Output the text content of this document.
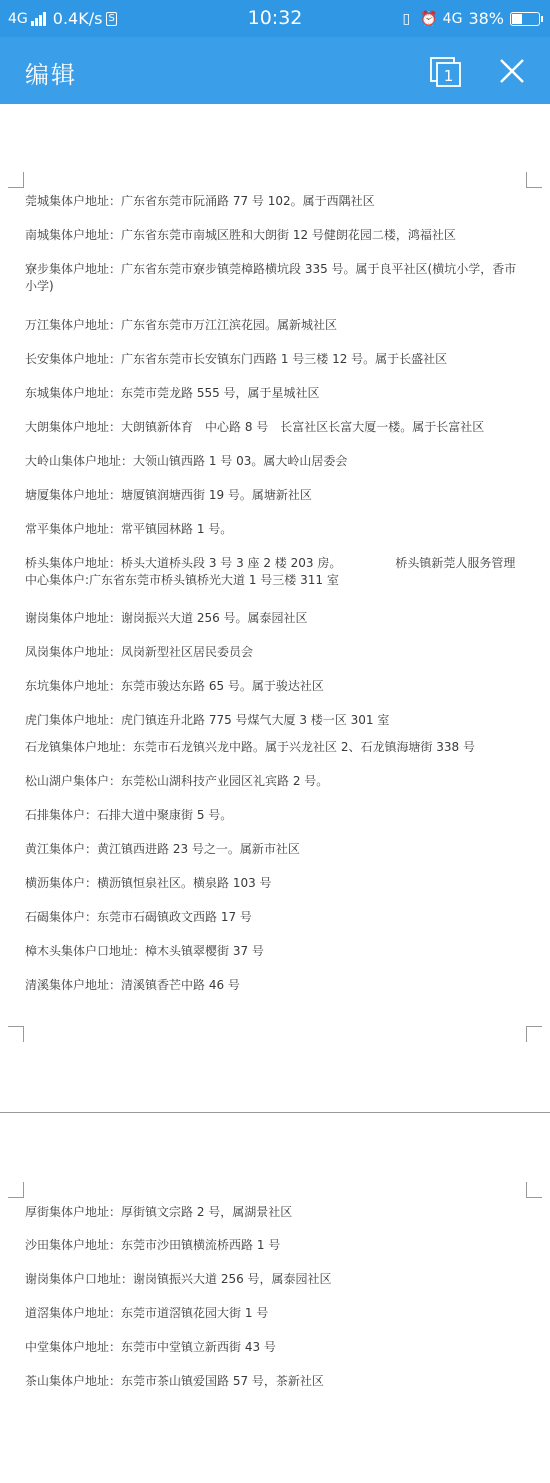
4G 0.4K/s S	10:32	▯ ⏰ 4G 38%
编辑	1
莞城集体户地址：广东省东莞市阮涌路 77 号 102。属于西隅社区
南城集体户地址：广东省东莞市南城区胜和大朗街 12 号健朗花园二楼，鸿福社区
寮步集体户地址：广东省东莞市寮步镇莞樟路横坑段 335 号。属于良平社区(横坑小学，香市小学)
万江集体户地址：广东省东莞市万江江滨花园。属新城社区
长安集体户地址：广东省东莞市长安镇东门西路 1 号三楼 12 号。属于长盛社区
东城集体户地址：东莞市莞龙路 555 号，属于星城社区
大朗集体户地址：大朗镇新体育　中心路 8 号　长富社区长富大厦一楼。属于长富社区
大岭山集体户地址：大领山镇西路 1 号 03。属大岭山居委会
塘厦集体户地址：塘厦镇润塘西街 19 号。属塘新社区
常平集体户地址：常平镇园林路 1 号。
桥头集体户地址：桥头大道桥头段 3 号 3 座 2 楼 203 房。　　　　　桥头镇新莞人服务管理中心集体户:广东省东莞市桥头镇桥光大道 1 号三楼 311 室
谢岗集体户地址：谢岗振兴大道 256 号。属泰园社区
凤岗集体户地址：凤岗新型社区居民委员会
东坑集体户地址：东莞市骏达东路 65 号。属于骏达社区
虎门集体户地址：虎门镇连升北路 775 号煤气大厦 3 楼一区 301 室
石龙镇集体户地址：东莞市石龙镇兴龙中路。属于兴龙社区 2、石龙镇海塘街 338 号
松山湖户集体户：东莞松山湖科技产业园区礼宾路 2 号。
石排集体户：石排大道中聚康街 5 号。
黄江集体户：黄江镇西进路 23 号之一。属新市社区
横沥集体户：横沥镇恒泉社区。横泉路 103 号
石碣集体户：东莞市石碣镇政文西路 17 号
樟木头集体户口地址：樟木头镇翠樱街 37 号
清溪集体户地址：清溪镇香芒中路 46 号
厚街集体户地址：厚街镇文宗路 2 号，属湖景社区
沙田集体户地址：东莞市沙田镇横流桥西路 1 号
谢岗集体户口地址：谢岗镇振兴大道 256 号，属泰园社区
道滘集体户地址：东莞市道滘镇花园大街 1 号
中堂集体户地址：东莞市中堂镇立新西街 43 号
茶山集体户地址：东莞市茶山镇爱国路 57 号，茶新社区
